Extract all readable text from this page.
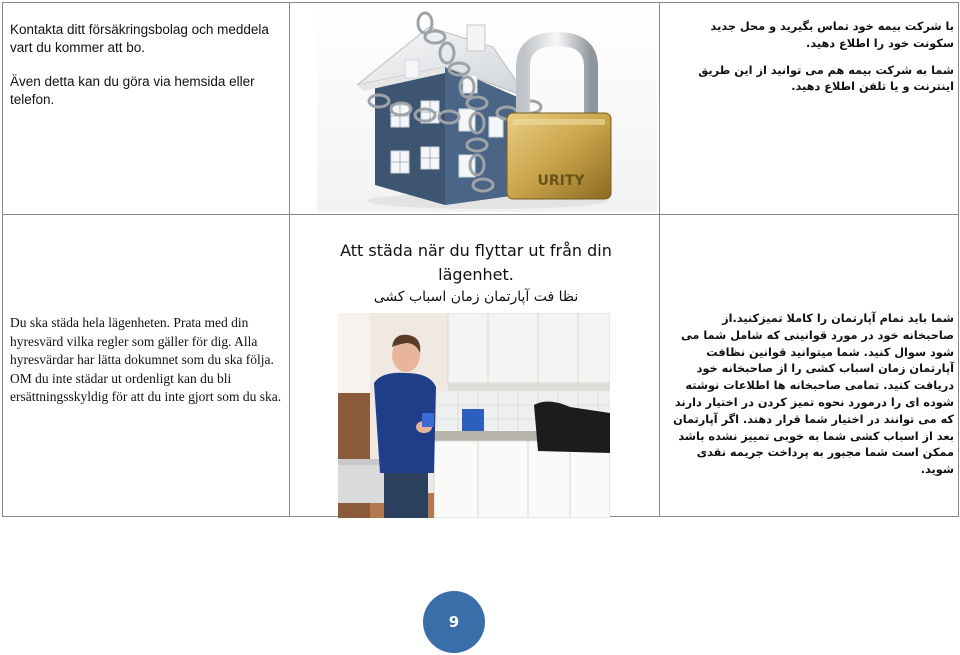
Kontakta ditt försäkringsbolag och meddela vart du kommer att bo.

Även detta kan du göra via hemsida eller telefon.

URITY

با شرکت بیمه خود تماس بگیرید و محل جدید سکونت خود را اطلاع دهید.

شما به شرکت بیمه هم می توانید از این طریق اینترنت و یا تلفن اطلاع دهید.

Du ska städa hela lägenheten. Prata med din hyresvärd vilka regler som gäller för dig. Alla hyresvärdar har lätta dokumnet som du ska följa. OM du inte städar ut ordenligt kan du bli ersättningsskyldig för att du inte gjort som du ska.
Att städa när du flyttar ut från din lägenhet.
نظا فت آپارتمان زمان اسباب کشی
شما باید تمام آپارتمان را کاملا تمیزکنید.از صاحبخانه خود در مورد قوانینی که شامل شما می شود سوال کنید. شما میتوانید قوانین نظافت آپارتمان زمان اسباب کشی را از صاحبخانه خود دریافت کنید. تمامی صاحبخانه ها اطلاعات نوشته شوده ای را درمورد نحوه تمیز کردن در اختیار دارند که می توانند در اختیار شما قرار دهند. اگر آپارتمان بعد از اسباب کشی شما به خوبی تمییز نشده باشد ممکن است شما مجبور به پرداخت جریمه نقدی شوید.
9
